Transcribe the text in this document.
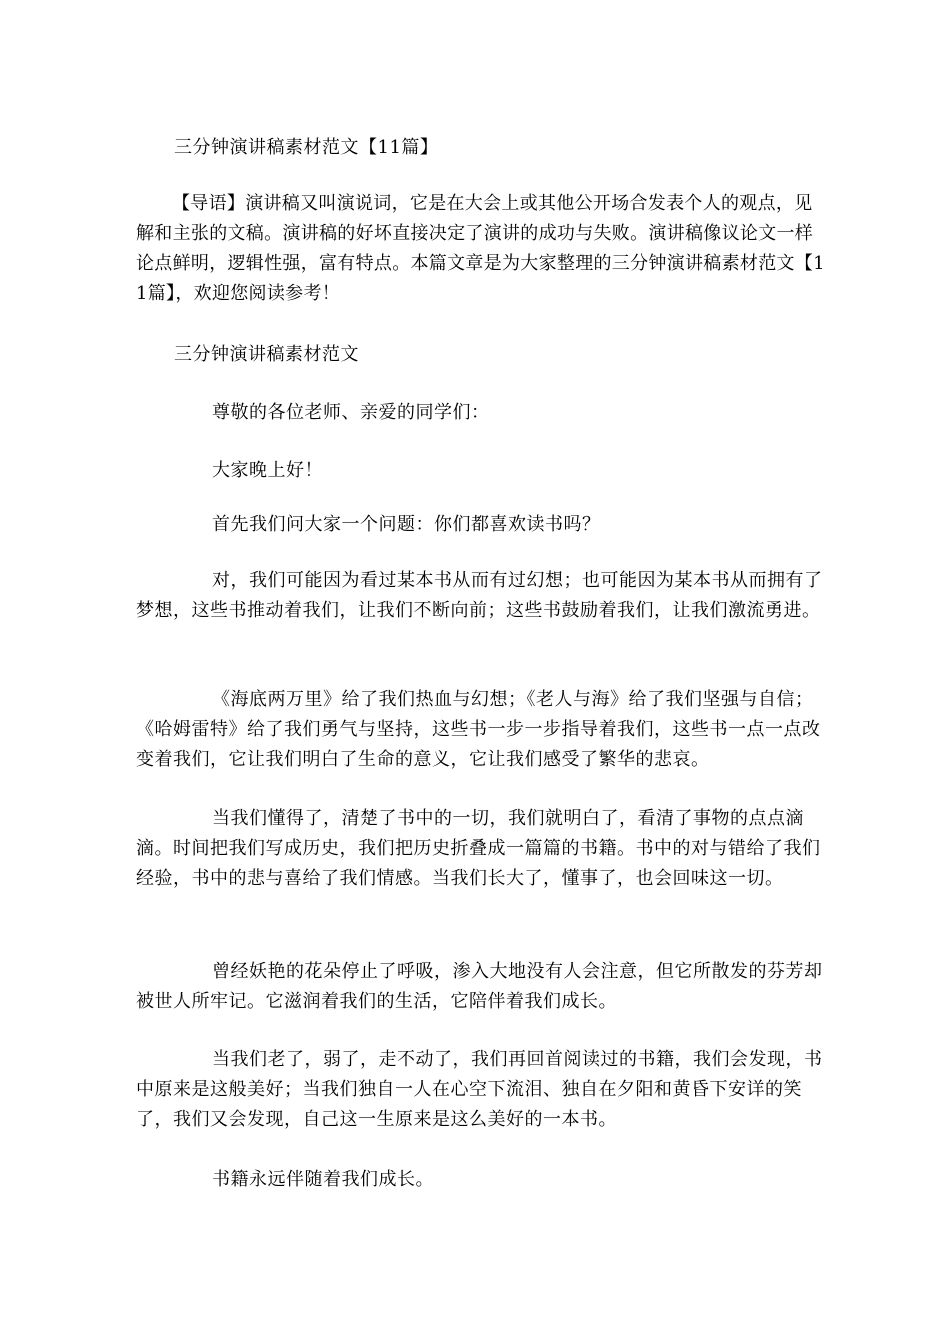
三分钟演讲稿素材范文【11篇】

【导语】演讲稿又叫演说词，它是在大会上或其他公开场合发表个人的观点，见解和主张的文稿。演讲稿的好坏直接决定了演讲的成功与失败。演讲稿像议论文一样论点鲜明，逻辑性强，富有特点。本篇文章是为大家整理的三分钟演讲稿素材范文【11篇】，欢迎您阅读参考！

三分钟演讲稿素材范文

尊敬的各位老师、亲爱的同学们：

大家晚上好！

首先我们问大家一个问题：你们都喜欢读书吗？

对，我们可能因为看过某本书从而有过幻想；也可能因为某本书从而拥有了梦想，这些书推动着我们，让我们不断向前；这些书鼓励着我们，让我们激流勇进。

《海底两万里》给了我们热血与幻想；《老人与海》给了我们坚强与自信；《哈姆雷特》给了我们勇气与坚持，这些书一步一步指导着我们，这些书一点一点改变着我们，它让我们明白了生命的意义，它让我们感受了繁华的悲哀。

当我们懂得了，清楚了书中的一切，我们就明白了，看清了事物的点点滴滴。时间把我们写成历史，我们把历史折叠成一篇篇的书籍。书中的对与错给了我们经验，书中的悲与喜给了我们情感。当我们长大了，懂事了，也会回味这一切。

曾经妖艳的花朵停止了呼吸，渗入大地没有人会注意，但它所散发的芬芳却被世人所牢记。它滋润着我们的生活，它陪伴着我们成长。

当我们老了，弱了，走不动了，我们再回首阅读过的书籍，我们会发现，书中原来是这般美好；当我们独自一人在心空下流泪、独自在夕阳和黄昏下安详的笑了，我们又会发现，自己这一生原来是这么美好的一本书。

书籍永远伴随着我们成长。
